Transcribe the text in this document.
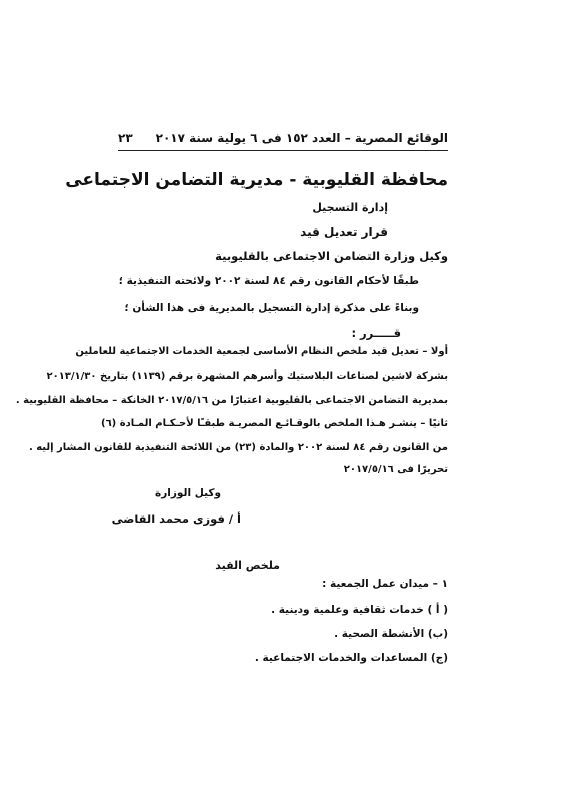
الوقائع المصرية – العدد ١٥٢ فى ٦ يولية سنة ٢٠١٧
٢٣
محافظة القليوبية - مديرية التضامن الاجتماعى
إدارة التسجيل
قرار تعديل قيد
وكيل وزارة التضامن الاجتماعى بالقليوبية
طبقًا لأحكام القانون رقم ٨٤ لسنة ٢٠٠٢ ولائحته التنفيذية ؛
وبناءً على مذكرة إدارة التسجيل بالمديرية فى هذا الشأن ؛
قـــــرر :
أولا – تعديل قيد ملخص النظام الأساسى لجمعية الخدمات الاجتماعية للعاملين
بشركة لاشين لصناعات البلاستيك وأسرهم المشهرة برقم (١١٣٩) بتاريخ ٢٠١٣/١/٣٠
بمديرية التضامن الاجتماعى بالقليوبية اعتبارًا من ٢٠١٧/٥/١٦ الخانكة – محافظة القليوبية .
ثانيًا – ينشـر هـذا الملخص بالوقـائـع المصريـة طبقـًا لأحـكـام المـادة (٦)
من القانون رقم ٨٤ لسنة ٢٠٠٢ والمادة (٢٣) من اللائحة التنفيذية للقانون المشار إليه .
تحريرًا فى ٢٠١٧/٥/١٦
وكيل الوزارة
أ / فوزى محمد القاضى
ملخص القيد
١ – ميدان عمل الجمعية :
( أ ) خدمات ثقافية وعلمية ودينية .
(ب) الأنشطة الصحية .
(ج) المساعدات والخدمات الاجتماعية .
